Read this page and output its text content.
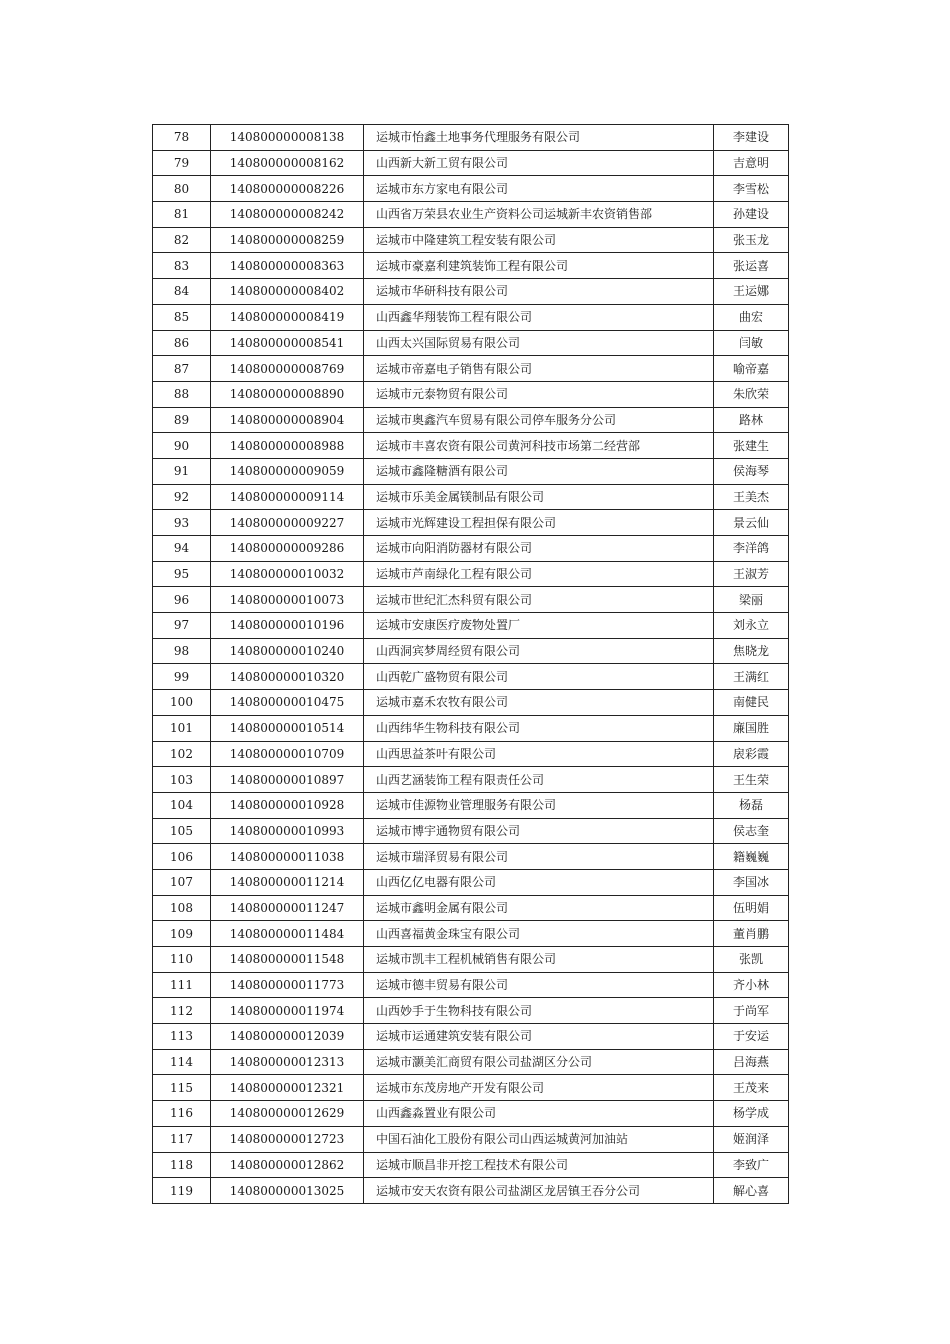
78	140800000008138	运城市怡鑫土地事务代理服务有限公司	李建设
79	140800000008162	山西新大新工贸有限公司	吉意明
80	140800000008226	运城市东方家电有限公司	李雪松
81	140800000008242	山西省万荣县农业生产资料公司运城新丰农资销售部	孙建设
82	140800000008259	运城市中隆建筑工程安装有限公司	张玉龙
83	140800000008363	运城市豪嘉利建筑装饰工程有限公司	张运喜
84	140800000008402	运城市华研科技有限公司	王运娜
85	140800000008419	山西鑫华翔装饰工程有限公司	曲宏
86	140800000008541	山西太兴国际贸易有限公司	闫敏
87	140800000008769	运城市帝嘉电子销售有限公司	喻帝嘉
88	140800000008890	运城市元泰物贸有限公司	朱欣荣
89	140800000008904	运城市奥鑫汽车贸易有限公司停车服务分公司	路林
90	140800000008988	运城市丰喜农资有限公司黄河科技市场第二经营部	张建生
91	140800000009059	运城市鑫隆糖酒有限公司	侯海琴
92	140800000009114	运城市乐美金属镁制品有限公司	王美杰
93	140800000009227	运城市光辉建设工程担保有限公司	景云仙
94	140800000009286	运城市向阳消防器材有限公司	李洋鸽
95	140800000010032	运城市芦南绿化工程有限公司	王淑芳
96	140800000010073	运城市世纪汇杰科贸有限公司	梁丽
97	140800000010196	运城市安康医疗废物处置厂	刘永立
98	140800000010240	山西洞宾梦周经贸有限公司	焦晓龙
99	140800000010320	山西乾广盛物贸有限公司	王满红
100	140800000010475	运城市嘉禾农牧有限公司	南健民
101	140800000010514	山西纬华生物科技有限公司	廉国胜
102	140800000010709	山西思益茶叶有限公司	扆彩霞
103	140800000010897	山西艺涵装饰工程有限责任公司	王生荣
104	140800000010928	运城市佳源物业管理服务有限公司	杨磊
105	140800000010993	运城市博宇通物贸有限公司	侯志奎
106	140800000011038	运城市瑞泽贸易有限公司	籍巍巍
107	140800000011214	山西亿亿电器有限公司	李国冰
108	140800000011247	运城市鑫明金属有限公司	伍明娟
109	140800000011484	山西喜福黄金珠宝有限公司	董肖鹏
110	140800000011548	运城市凯丰工程机械销售有限公司	张凯
111	140800000011773	运城市德丰贸易有限公司	齐小林
112	140800000011974	山西妙手于生物科技有限公司	于尚军
113	140800000012039	运城市运通建筑安装有限公司	于安运
114	140800000012313	运城市灏美汇商贸有限公司盐湖区分公司	吕海燕
115	140800000012321	运城市东茂房地产开发有限公司	王茂来
116	140800000012629	山西鑫淼置业有限公司	杨学成
117	140800000012723	中国石油化工股份有限公司山西运城黄河加油站	姬润泽
118	140800000012862	运城市顺昌非开挖工程技术有限公司	李致广
119	140800000013025	运城市安天农资有限公司盐湖区龙居镇王吞分公司	解心喜
